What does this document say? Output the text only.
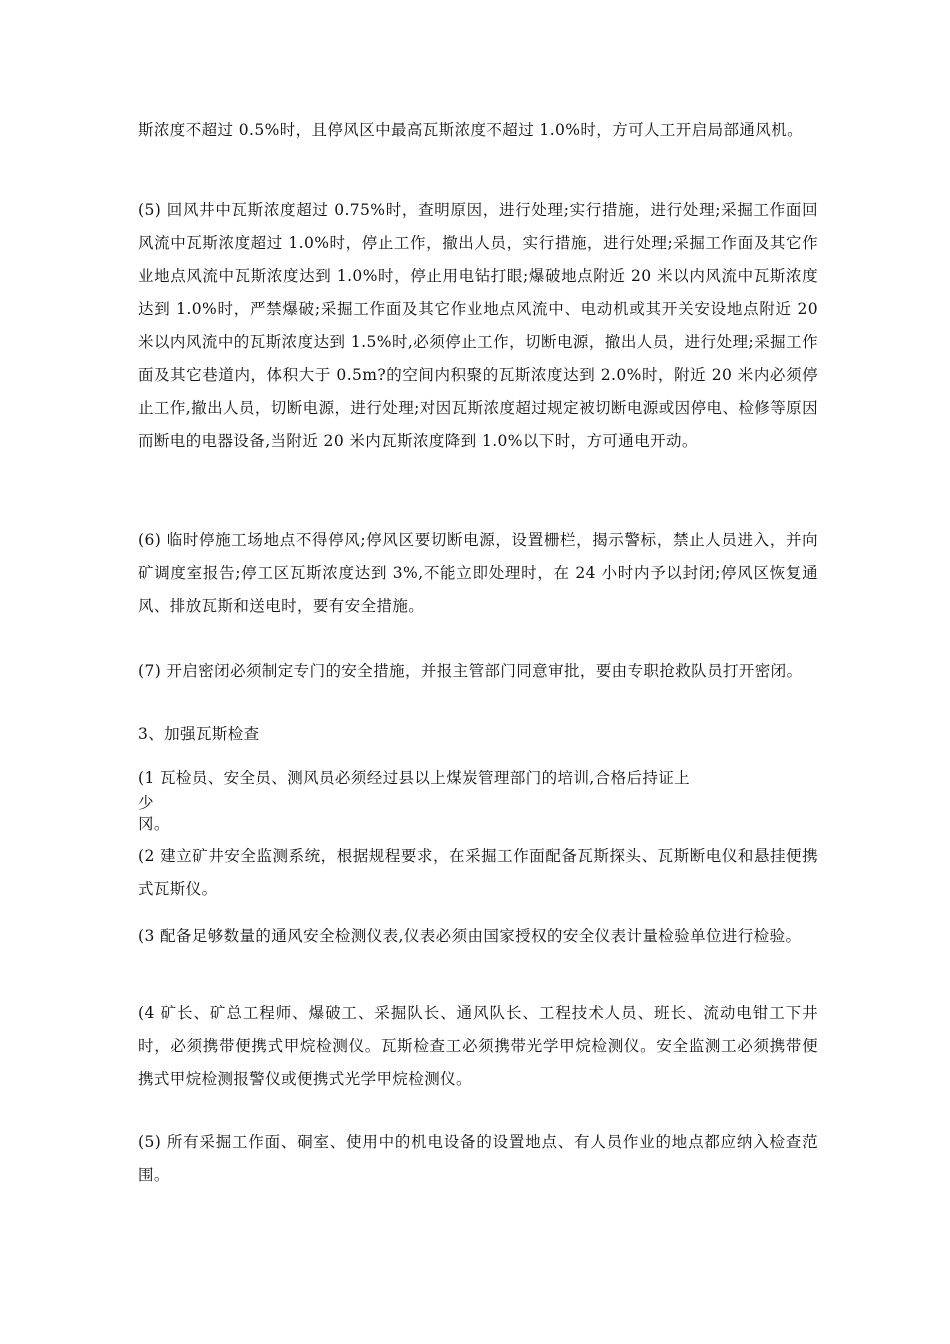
斯浓度不超过 0.5%时，且停风区中最高瓦斯浓度不超过 1.0%时，方可人工开启局部通风机。

(5) 回风井中瓦斯浓度超过 0.75%时，查明原因，进行处理;实行措施，进行处理;采掘工作面回风流中瓦斯浓度超过 1.0%时，停止工作，撤出人员，实行措施，进行处理;采掘工作面及其它作业地点风流中瓦斯浓度达到 1.0%时，停止用电钻打眼;爆破地点附近 20 米以内风流中瓦斯浓度达到 1.0%时，严禁爆破;采掘工作面及其它作业地点风流中、电动机或其开关安设地点附近 20 米以内风流中的瓦斯浓度达到 1.5%时,必须停止工作，切断电源，撤出人员，进行处理;采掘工作面及其它巷道内，体积大于 0.5m?的空间内积聚的瓦斯浓度达到 2.0%时，附近 20 米内必须停止工作,撤出人员，切断电源，进行处理;对因瓦斯浓度超过规定被切断电源或因停电、检修等原因而断电的电器设备,当附近 20 米内瓦斯浓度降到 1.0%以下时，方可通电开动。

(6) 临时停施工场地点不得停风;停风区要切断电源，设置栅栏，揭示警标，禁止人员进入，并向矿调度室报告;停工区瓦斯浓度达到 3%,不能立即处理时，在 24 小时内予以封闭;停风区恢复通风、排放瓦斯和送电时，要有安全措施。

(7) 开启密闭必须制定专门的安全措施，并报主管部门同意审批，要由专职抢救队员打开密闭。

3、加强瓦斯检查

(1 瓦检员、安全员、测风员必须经过县以上煤炭管理部门的培训,合格后持证上

少

冈。

(2 建立矿井安全监测系统，根据规程要求，在采掘工作面配备瓦斯探头、瓦斯断电仪和悬挂便携式瓦斯仪。

(3 配备足够数量的通风安全检测仪表,仪表必须由国家授权的安全仪表计量检验单位进行检验。

(4 矿长、矿总工程师、爆破工、采掘队长、通风队长、工程技术人员、班长、流动电钳工下井时，必须携带便携式甲烷检测仪。瓦斯检查工必须携带光学甲烷检测仪。安全监测工必须携带便携式甲烷检测报警仪或便携式光学甲烷检测仪。

(5) 所有采掘工作面、硐室、使用中的机电设备的设置地点、有人员作业的地点都应纳入检查范围。
